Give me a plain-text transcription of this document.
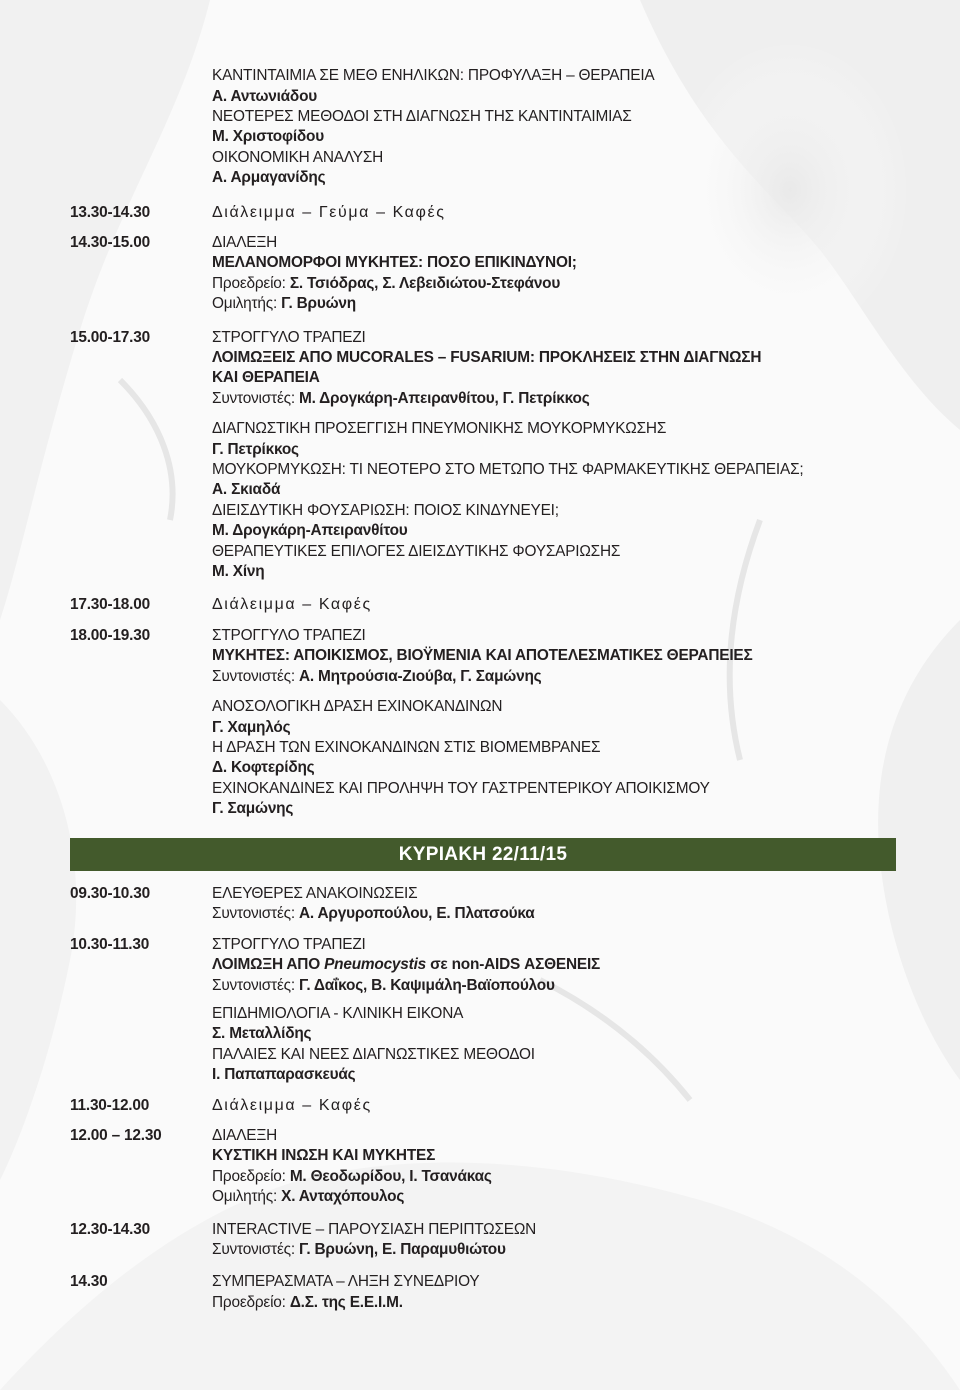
ΚΑΝΤΙΝΤΑΙΜΙΑ ΣΕ ΜΕΘ ΕΝΗΛΙΚΩΝ: ΠΡΟΦΥΛΑΞΗ – ΘΕΡΑΠΕΙΑ
Α. Αντωνιάδου
ΝΕΟΤΕΡΕΣ ΜΕΘΟΔΟΙ ΣΤΗ ΔΙΑΓΝΩΣΗ ΤΗΣ ΚΑΝΤΙΝΤΑΙΜΙΑΣ
Μ. Χριστοφίδου
ΟΙΚΟΝΟΜΙΚΗ ΑΝΑΛΥΣΗ
Α. Αρμαγανίδης
13.30-14.30	Διάλειμμα – Γεύμα – Καφές
14.30-15.00	ΔΙΑΛΕΞΗ
ΜΕΛΑΝΟΜΟΡΦΟΙ ΜΥΚΗΤΕΣ: ΠΟΣΟ ΕΠΙΚΙΝΔΥΝΟΙ;
Προεδρείο: Σ. Τσιόδρας, Σ. Λεβειδιώτου-Στεφάνου
Ομιλητής: Γ. Βρυώνη
15.00-17.30	ΣΤΡΟΓΓΥΛΟ ΤΡΑΠΕΖΙ
ΛΟΙΜΩΞΕΙΣ ΑΠΟ MUCORALES – FUSARIUM: ΠΡΟΚΛΗΣΕΙΣ ΣΤΗΝ ΔΙΑΓΝΩΣΗ
ΚΑΙ ΘΕΡΑΠΕΙΑ
Συντονιστές: Μ. Δρογκάρη-Απειρανθίτου, Γ. Πετρίκκος
ΔΙΑΓΝΩΣΤΙΚΗ ΠΡΟΣΕΓΓΙΣΗ ΠΝΕΥΜΟΝΙΚΗΣ ΜΟΥΚΟΡΜΥΚΩΣΗΣ
Γ. Πετρίκκος
ΜΟΥΚΟΡΜΥΚΩΣΗ: ΤΙ ΝΕΟΤΕΡΟ ΣΤΟ ΜΕΤΩΠΟ ΤΗΣ ΦΑΡΜΑΚΕΥΤΙΚΗΣ ΘΕΡΑΠΕΙΑΣ;
Α. Σκιαδά
ΔΙΕΙΣΔΥΤΙΚΗ ΦΟΥΣΑΡΙΩΣΗ: ΠΟΙΟΣ ΚΙΝΔΥΝΕΥΕΙ;
Μ. Δρογκάρη-Απειρανθίτου
ΘΕΡΑΠΕΥΤΙΚΕΣ ΕΠΙΛΟΓΕΣ ΔΙΕΙΣΔΥΤΙΚΗΣ ΦΟΥΣΑΡΙΩΣΗΣ
Μ. Χίνη
17.30-18.00	Διάλειμμα – Καφές
18.00-19.30	ΣΤΡΟΓΓΥΛΟ ΤΡΑΠΕΖΙ
ΜΥΚΗΤΕΣ: ΑΠΟΙΚΙΣΜΟΣ, ΒΙΟΫΜΕΝΙΑ ΚΑΙ ΑΠΟΤΕΛΕΣΜΑΤΙΚΕΣ ΘΕΡΑΠΕΙΕΣ
Συντονιστές: Α. Μητρούσια-Ζιούβα, Γ. Σαμώνης
ΑΝΟΣΟΛΟΓΙΚΗ ΔΡΑΣΗ ΕΧΙΝΟΚΑΝΔΙΝΩΝ
Γ. Χαμηλός
Η ΔΡΑΣΗ ΤΩΝ ΕΧΙΝΟΚΑΝΔΙΝΩΝ ΣΤΙΣ ΒΙΟΜΕΜΒΡΑΝΕΣ
Δ. Κοφτερίδης
ΕΧΙΝΟΚΑΝΔΙΝΕΣ ΚΑΙ ΠΡΟΛΗΨΗ ΤΟΥ ΓΑΣΤΡΕΝΤΕΡΙΚΟΥ ΑΠΟΙΚΙΣΜΟΥ
Γ. Σαμώνης
ΚΥΡΙΑΚΗ 22/11/15
09.30-10.30	ΕΛΕΥΘΕΡΕΣ ΑΝΑΚΟΙΝΩΣΕΙΣ
Συντονιστές: Α. Αργυροπούλου, Ε. Πλατσούκα
10.30-11.30	ΣΤΡΟΓΓΥΛΟ ΤΡΑΠΕΖΙ
ΛΟΙΜΩΞΗ ΑΠΟ Pneumocystis σε non-AIDS ΑΣΘΕΝΕΙΣ
Συντονιστές: Γ. Δαΐκος, Β. Καψιμάλη-Βαϊοπούλου
ΕΠΙΔΗΜΙΟΛΟΓΙΑ - ΚΛΙΝΙΚΗ ΕΙΚΟΝΑ
Σ. Μεταλλίδης
ΠΑΛΑΙΕΣ ΚΑΙ ΝΕΕΣ ΔΙΑΓΝΩΣΤΙΚΕΣ ΜΕΘΟΔΟΙ
Ι. Παπαπαρασκευάς
11.30-12.00	Διάλειμμα – Καφές
12.00 – 12.30	ΔΙΑΛΕΞΗ
ΚΥΣΤΙΚΗ ΙΝΩΣΗ ΚΑΙ ΜΥΚΗΤΕΣ
Προεδρείο: Μ. Θεοδωρίδου, Ι. Τσανάκας
Ομιλητής: Χ. Ανταχόπουλος
12.30-14.30	INTERACTIVE – ΠΑΡΟΥΣΙΑΣΗ ΠΕΡΙΠΤΩΣΕΩΝ
Συντονιστές: Γ. Βρυώνη, Ε. Παραμυθιώτου
14.30	ΣΥΜΠΕΡΑΣΜΑΤΑ – ΛΗΞΗ ΣΥΝΕΔΡΙΟΥ
Προεδρείο: Δ.Σ. της Ε.Ε.Ι.Μ.
